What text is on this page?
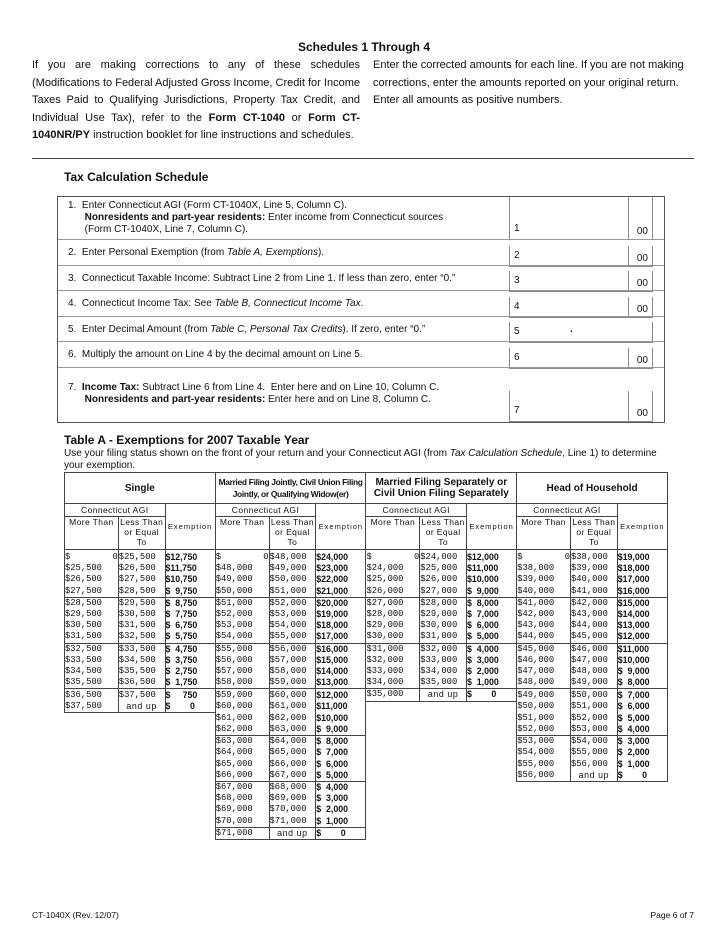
Schedules 1 Through 4
If you are making corrections to any of these schedules (Modifications to Federal Adjusted Gross Income, Credit for Income Taxes Paid to Qualifying Jurisdictions, Property Tax Credit, and Individual Use Tax), refer to the Form CT-1040 or Form CT-1040NR/PY instruction booklet for line instructions and schedules.
Enter the corrected amounts for each line. If you are not making corrections, enter the amounts reported on your original return. Enter all amounts as positive numbers.
Tax Calculation Schedule
1.  Enter Connecticut AGI (Form CT-1040X, Line 5, Column C).
Nonresidents and part-year residents: Enter income from Connecticut sources
(Form CT-1040X, Line 7, Column C).	1	00
2.  Enter Personal Exemption (from Table A, Exemptions).	2	00
3.  Connecticut Taxable Income: Subtract Line 2 from Line 1. If less than zero, enter “0.”	3	00
4.  Connecticut Income Tax: See Table B, Connecticut Income Tax.	4	00
5.  Enter Decimal Amount (from Table C, Personal Tax Credits). If zero, enter “0.”	5	.
6.  Multiply the amount on Line 4 by the decimal amount on Line 5.	6	00
7.  Income Tax: Subtract Line 6 from Line 4.  Enter here and on Line 10, Column C.
Nonresidents and part-year residents: Enter here and on Line 8, Column C.
7	00
Table A - Exemptions for 2007 Taxable Year
Use your filing status shown on the front of your return and your Connecticut AGI (from Tax Calculation Schedule, Line 1) to determine your exemption.
Single			Married Filing Jointly, Civil Union Filing Jointly, or Qualifying Widow(er)			Married Filing Separately or Civil Union Filing Separately			Head of Household		
Connecticut AGI		Exemption	Connecticut AGI		Exemption	Connecticut AGI		Exemption	Connecticut AGI		Exemption
More Than	Less Than or Equal To		More Than	Less Than or Equal To		More Than	Less Than or Equal To		More Than	Less Than or Equal To	
$        0	$25,500	$12,750	$        0	$48,000	$24,000	$        0	$24,000	$12,000	$        0	$38,000	$19,000
$25,500	$26,500	$11,750	$48,000	$49,000	$23,000	$24,000	$25,000	$11,000	$38,000	$39,000	$18,000
$26,500	$27,500	$10,750	$49,000	$50,000	$22,000	$25,000	$26,000	$10,000	$39,000	$40,000	$17,000
$27,500	$28,500	$  9,750	$50,000	$51,000	$21,000	$26,000	$27,000	$  9,000	$40,000	$41,000	$16,000
$28,500	$29,500	$  8,750	$51,000	$52,000	$20,000	$27,000	$28,000	$  8,000	$41,000	$42,000	$15,000
$29,500	$30,500	$  7,750	$52,000	$53,000	$19,000	$28,000	$29,000	$  7,000	$42,000	$43,000	$14,000
$30,500	$31,500	$  6,750	$53,000	$54,000	$18,000	$29,000	$30,000	$  6,000	$43,000	$44,000	$13,000
$31,500	$32,500	$  5,750	$54,000	$55,000	$17,000	$30,000	$31,000	$  5,000	$44,000	$45,000	$12,000
$32,500	$33,500	$  4,750	$55,000	$56,000	$16,000	$31,000	$32,000	$  4,000	$45,000	$46,000	$11,000
$33,500	$34,500	$  3,750	$56,000	$57,000	$15,000	$32,000	$33,000	$  3,000	$46,000	$47,000	$10,000
$34,500	$35,500	$  2,750	$57,000	$58,000	$14,000	$33,000	$34,000	$  2,000	$47,000	$48,000	$  9,000
$35,500	$36,500	$  1,750	$58,000	$59,000	$13,000	$34,000	$35,000	$  1,000	$48,000	$49,000	$  8,000
$36,500	$37,500	$     750	$59,000	$60,000	$12,000	$35,000	and up	$        0	$49,000	$50,000	$  7,000
$37,500	and up	$        0	$60,000	$61,000	$11,000				$50,000	$51,000	$  6,000
			$61,000	$62,000	$10,000				$51,000	$52,000	$  5,000
			$62,000	$63,000	$  9,000				$52,000	$53,000	$  4,000
			$63,000	$64,000	$  8,000				$53,000	$54,000	$  3,000
			$64,000	$65,000	$  7,000				$54,000	$55,000	$  2,000
			$65,000	$66,000	$  6,000				$55,000	$56,000	$  1,000
			$66,000	$67,000	$  5,000				$56,000	and up	$        0
			$67,000	$68,000	$  4,000						
			$68,000	$69,000	$  3,000						
			$69,000	$70,000	$  2,000						
			$70,000	$71,000	$  1,000						
			$71,000	and up	$        0						
CT-1040X (Rev. 12/07)	Page 6 of 7
